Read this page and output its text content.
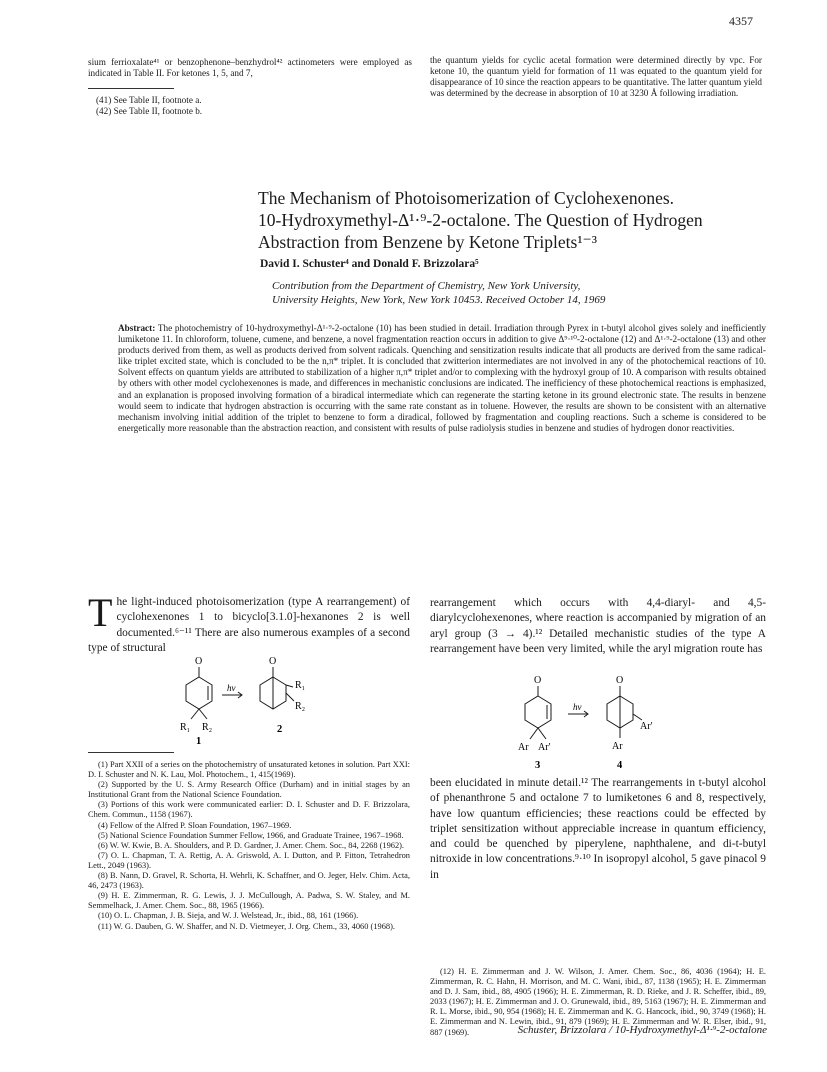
4357
sium ferrioxalate⁴¹ or benzophenone–benzhydrol⁴² actinometers were employed as indicated in Table II. For ketones 1, 5, and 7,
(41) See Table II, footnote a.
(42) See Table II, footnote b.
the quantum yields for cyclic acetal formation were determined directly by vpc. For ketone 10, the quantum yield for formation of 11 was equated to the quantum yield for disappearance of 10 since the reaction appears to be quantitative. The latter quantum yield was determined by the decrease in absorption of 10 at 3230 Å following irradiation.
The Mechanism of Photoisomerization of Cyclohexenones.
10-Hydroxymethyl-Δ¹·⁹-2-octalone. The Question of Hydrogen
Abstraction from Benzene by Ketone Triplets¹⁻³
David I. Schuster⁴ and Donald F. Brizzolara⁵
Contribution from the Department of Chemistry, New York University,
University Heights, New York, New York 10453. Received October 14, 1969
Abstract: The photochemistry of 10-hydroxymethyl-Δ¹·⁹-2-octalone (10) has been studied in detail. Irradiation through Pyrex in t-butyl alcohol gives solely and inefficiently lumiketone 11. In chloroform, toluene, cumene, and benzene, a novel fragmentation reaction occurs in addition to give Δ⁹·¹⁰-2-octalone (12) and Δ¹·⁹-2-octalone (13) and other products derived from them, as well as products derived from solvent radicals. Quenching and sensitization results indicate that all products are derived from the same radical-like triplet excited state, which is concluded to be the n,π* triplet. It is concluded that zwitterion intermediates are not involved in any of the photochemical reactions of 10. Solvent effects on quantum yields are attributed to stabilization of a higher π,π* triplet and/or to complexing with the hydroxyl group of 10. A comparison with results obtained by others with other model cyclohexenones is made, and differences in mechanistic conclusions are indicated. The inefficiency of these photochemical reactions is emphasized, and an explanation is proposed involving formation of a biradical intermediate which can regenerate the starting ketone in its ground electronic state. The results in benzene would seem to indicate that hydrogen abstraction is occurring with the same rate constant as in toluene. However, the results are shown to be consistent with an alternative mechanism involving initial addition of the triplet to benzene to form a diradical, followed by fragmentation and coupling reactions. Such a scheme is considered to be energetically more reasonable than the abstraction reaction, and consistent with results of pulse radiolysis studies in benzene and studies of hydrogen donor reactivities.
T he light-induced photoisomerization (type A rearrangement) of cyclohexenones 1 to bicyclo[3.1.0]-hexanones 2 is well documented.⁶⁻¹¹ There are also numerous examples of a second type of structural
O	O
R₁ R₂
R₁
R₂
hν
1
2
(1) Part XXII of a series on the photochemistry of unsaturated ketones in solution. Part XXI: D. I. Schuster and N. K. Lau, Mol. Photochem., 1, 415(1969).
(2) Supported by the U. S. Army Research Office (Durham) and in initial stages by an Institutional Grant from the National Science Foundation.
(3) Portions of this work were communicated earlier: D. I. Schuster and D. F. Brizzolara, Chem. Commun., 1158 (1967).
(4) Fellow of the Alfred P. Sloan Foundation, 1967–1969.
(5) National Science Foundation Summer Fellow, 1966, and Graduate Trainee, 1967–1968.
(6) W. W. Kwie, B. A. Shoulders, and P. D. Gardner, J. Amer. Chem. Soc., 84, 2268 (1962).
(7) O. L. Chapman, T. A. Rettig, A. A. Griswold, A. I. Dutton, and P. Fitton, Tetrahedron Lett., 2049 (1963).
(8) B. Nann, D. Gravel, R. Schorta, H. Wehrli, K. Schaffner, and O. Jeger, Helv. Chim. Acta, 46, 2473 (1963).
(9) H. E. Zimmerman, R. G. Lewis, J. J. McCullough, A. Padwa, S. W. Staley, and M. Semmelhack, J. Amer. Chem. Soc., 88, 1965 (1966).
(10) O. L. Chapman, J. B. Sieja, and W. J. Welstead, Jr., ibid., 88, 161 (1966).
(11) W. G. Dauben, G. W. Shaffer, and N. D. Vietmeyer, J. Org. Chem., 33, 4060 (1968).
rearrangement which occurs with 4,4-diaryl- and 4,5-diarylcyclohexenones, where reaction is accompanied by migration of an aryl group (3 → 4).¹² Detailed mechanistic studies of the type A rearrangement have been very limited, while the aryl migration route has
O	O
Ar Ar′	Ar
Ar′
hν
3	4
been elucidated in minute detail.¹² The rearrangements in t-butyl alcohol of phenanthrone 5 and octalone 7 to lumiketones 6 and 8, respectively, have low quantum efficiencies; these reactions could be effected by triplet sensitization without appreciable increase in quantum efficiency, and could be quenched by piperylene, naphthalene, and di-t-butyl nitroxide in low concentrations.⁹·¹⁰ In isopropyl alcohol, 5 gave pinacol 9 in
(12) H. E. Zimmerman and J. W. Wilson, J. Amer. Chem. Soc., 86, 4036 (1964); H. E. Zimmerman, R. C. Hahn, H. Morrison, and M. C. Wani, ibid., 87, 1138 (1965); H. E. Zimmerman and D. J. Sam, ibid., 88, 4905 (1966); H. E. Zimmerman, R. D. Rieke, and J. R. Scheffer, ibid., 89, 2033 (1967); H. E. Zimmerman and J. O. Grunewald, ibid., 89, 5163 (1967); H. E. Zimmerman and R. L. Morse, ibid., 90, 954 (1968); H. E. Zimmerman and K. G. Hancock, ibid., 90, 3749 (1968); H. E. Zimmerman and N. Lewin, ibid., 91, 879 (1969); H. E. Zimmerman and W. R. Elser, ibid., 91, 887 (1969).	Schuster, Brizzolara / 10-Hydroxymethyl-Δ¹·⁹-2-octalone
